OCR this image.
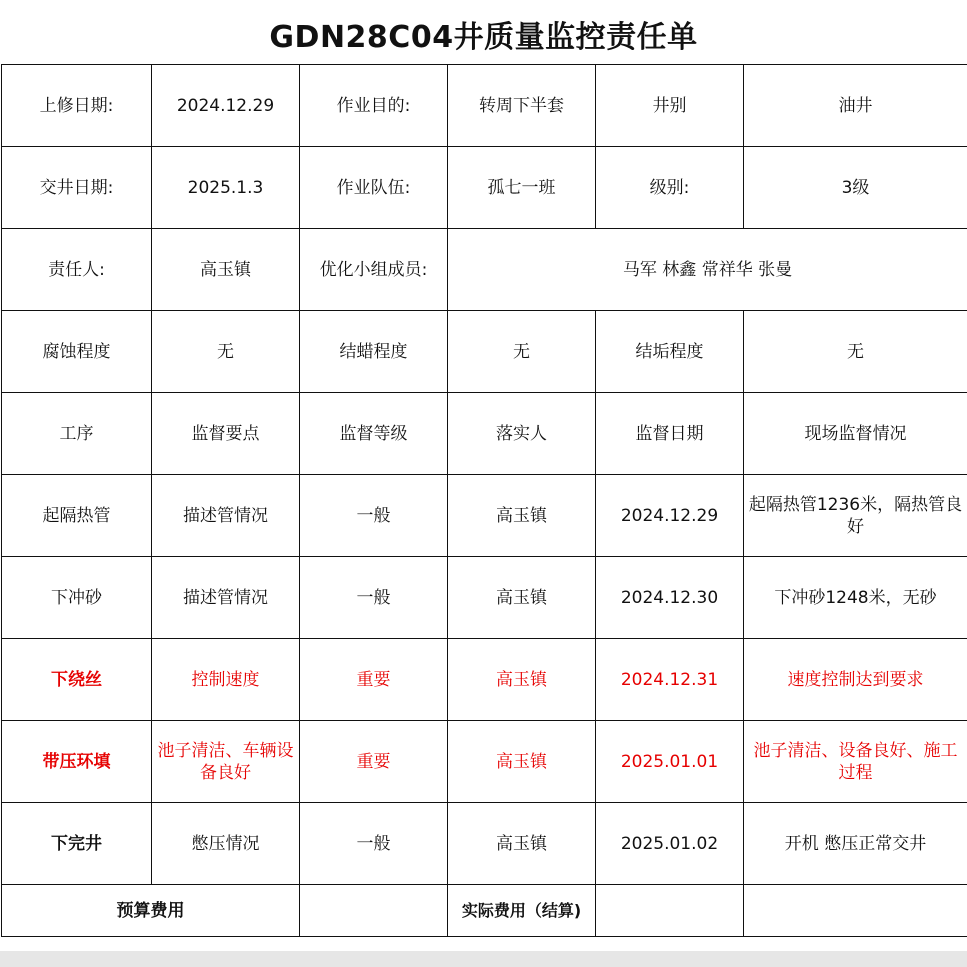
GDN28C04井质量监控责任单
上修日期:	2024.12.29	作业目的:	转周下半套	井别	油井
交井日期:	2025.1.3	作业队伍:	孤七一班	级别:	3级
责任人:	高玉镇	优化小组成员:	马军 林鑫 常祥华 张曼		
腐蚀程度	无	结蜡程度	无	结垢程度	无
工序	监督要点	监督等级	落实人	监督日期	现场监督情况
起隔热管	描述管情况	一般	高玉镇	2024.12.29	起隔热管1236米，隔热管良好
下冲砂	描述管情况	一般	高玉镇	2024.12.30	下冲砂1248米，无砂
下绕丝	控制速度	重要	高玉镇	2024.12.31	速度控制达到要求
带压环填	池子清洁、车辆设备良好	重要	高玉镇	2025.01.01	池子清洁、设备良好、施工过程
下完井	憋压情况	一般	高玉镇	2025.01.02	开机 憋压正常交井
预算费用			实际费用（结算)		
